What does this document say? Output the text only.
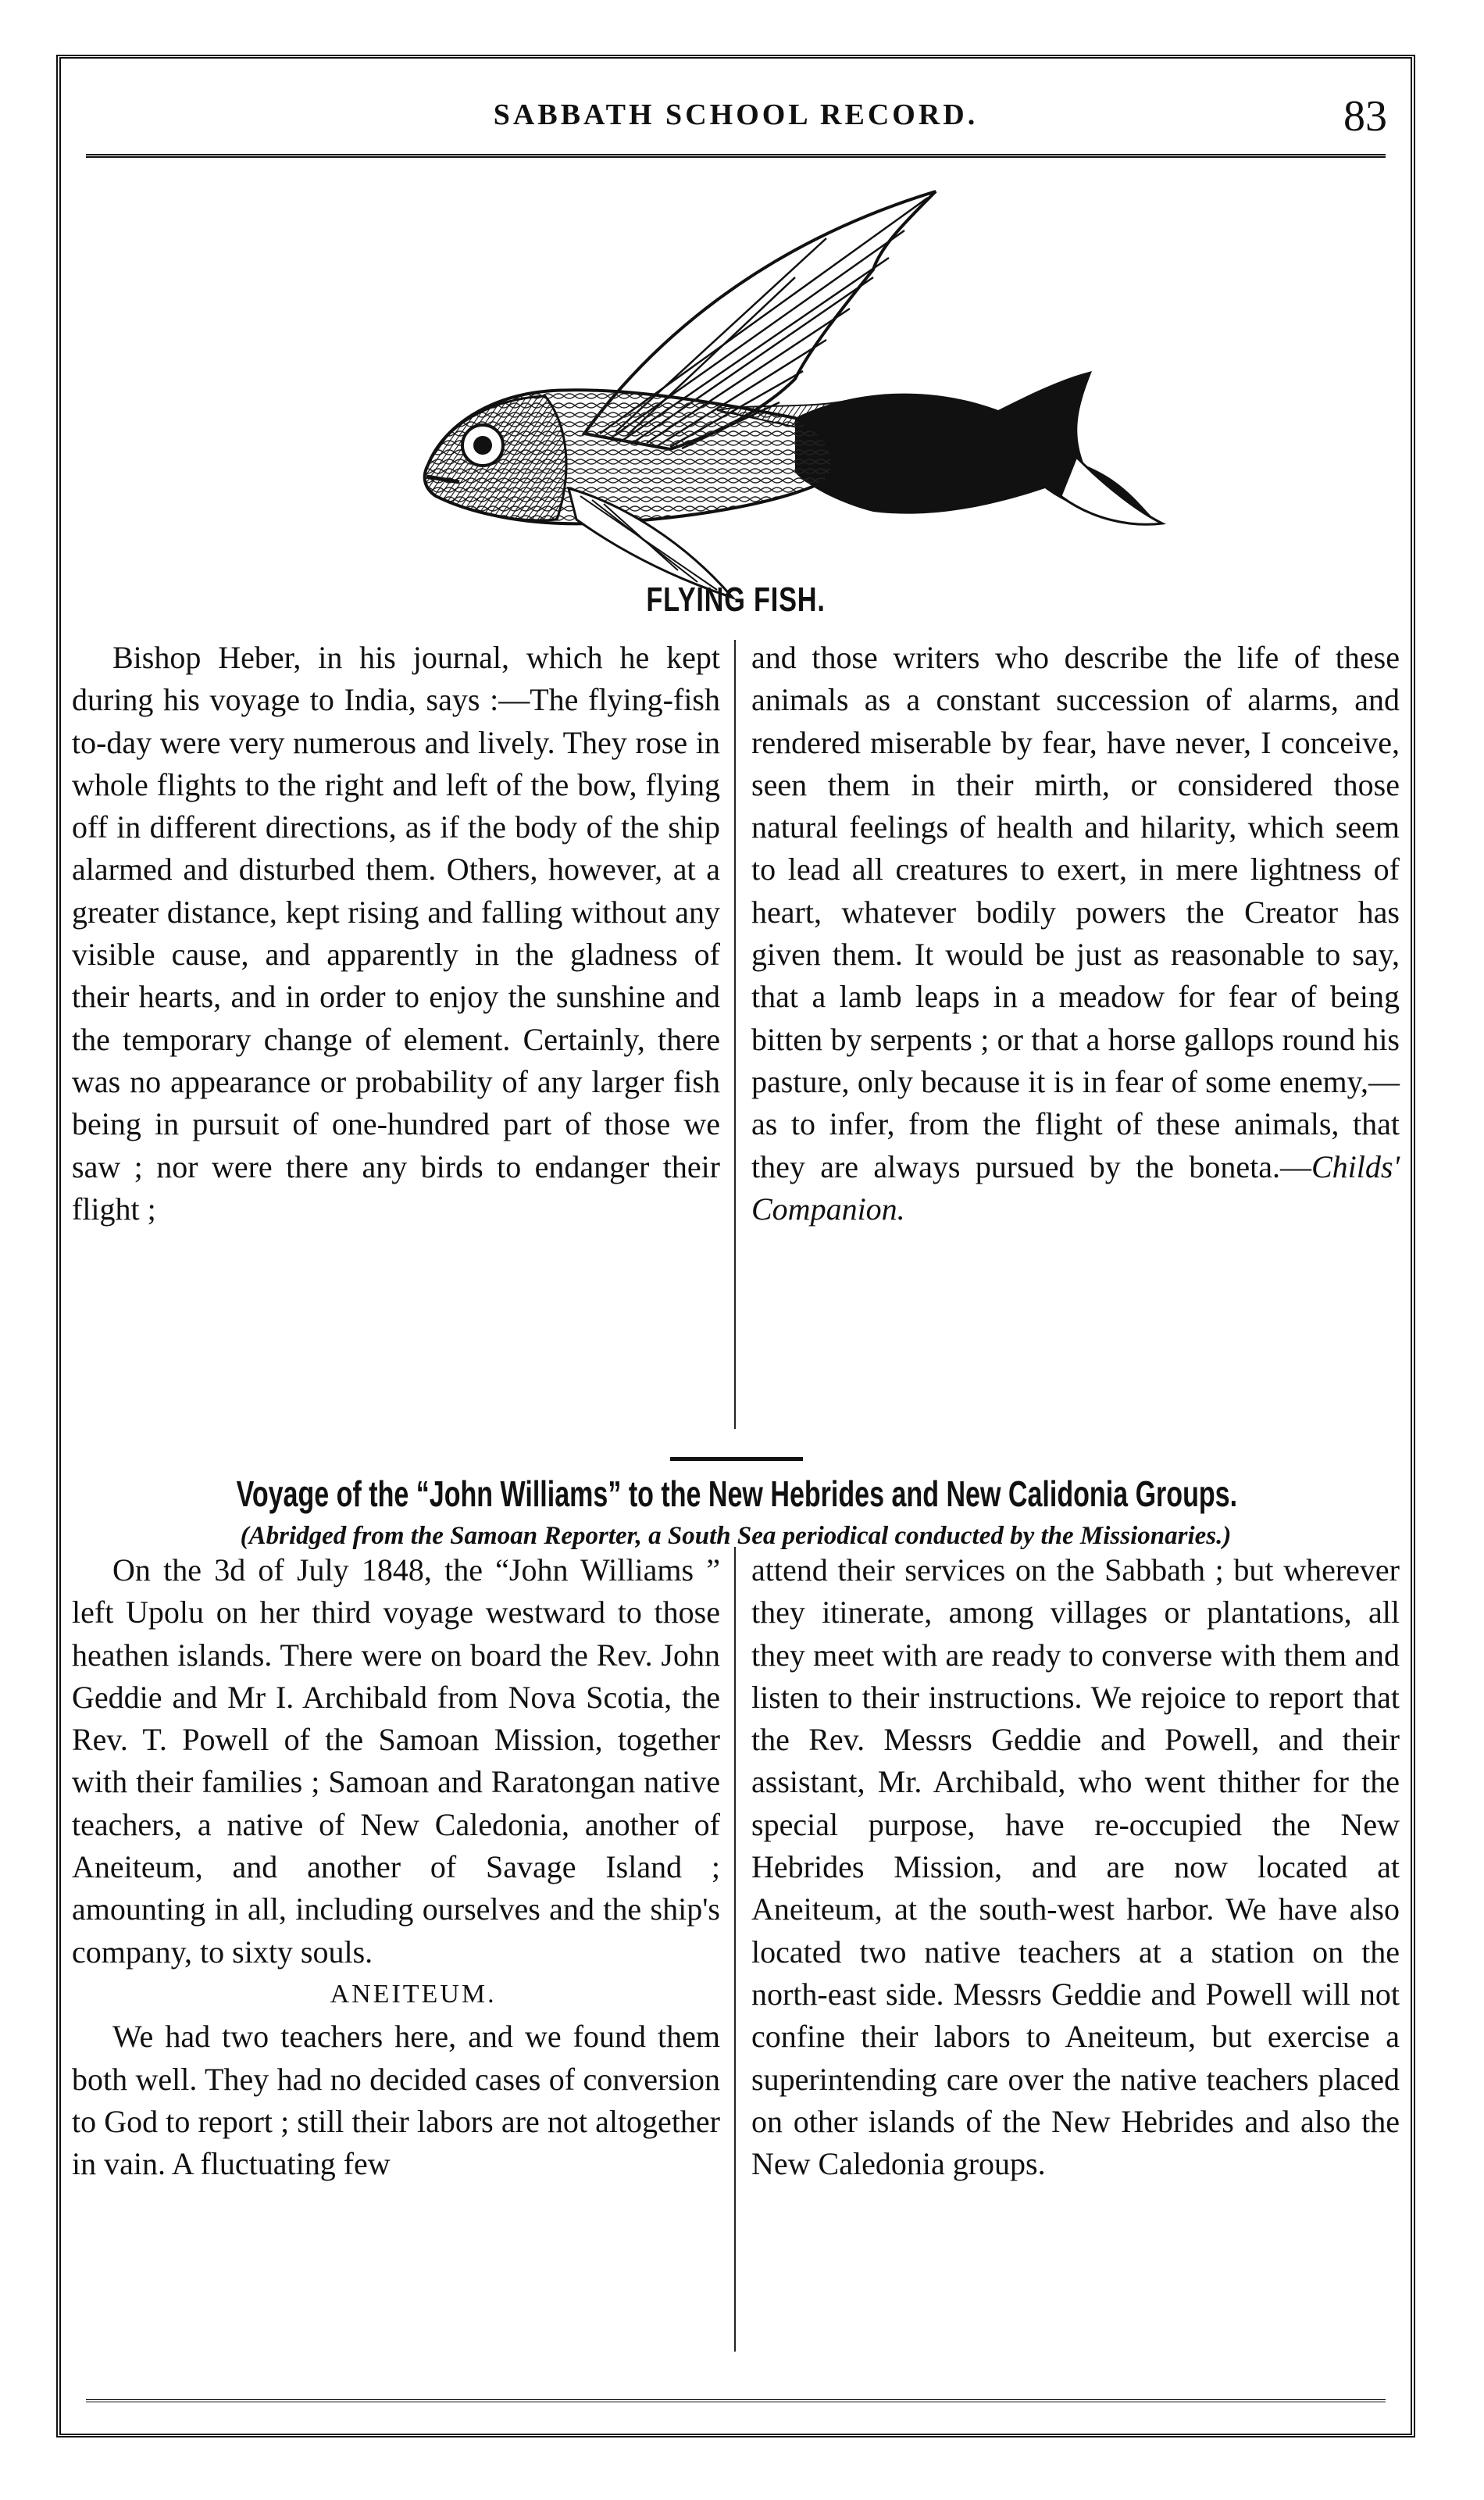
SABBATH SCHOOL RECORD.	83
FLYING FISH.

Bishop Heber, in his journal, which he kept during his voyage to India, says :—The flying-fish to-day were very numerous and lively. They rose in whole flights to the right and left of the bow, flying off in different directions, as if the body of the ship alarmed and disturbed them. Others, however, at a greater distance, kept rising and falling without any visible cause, and apparently in the gladness of their hearts, and in order to enjoy the sunshine and the temporary change of element. Certainly, there was no appearance or probability of any larger fish being in pursuit of one-hundred part of those we saw ; nor were there any birds to endanger their flight ;

and those writers who describe the life of these animals as a constant succession of alarms, and rendered miserable by fear, have never, I conceive, seen them in their mirth, or considered those natural feelings of health and hilarity, which seem to lead all creatures to exert, in mere lightness of heart, whatever bodily powers the Creator has given them. It would be just as reasonable to say, that a lamb leaps in a meadow for fear of being bitten by serpents ; or that a horse gallops round his pasture, only because it is in fear of some enemy,—as to infer, from the flight of these animals, that they are always pursued by the boneta.—Childs' Companion.

Voyage of the “John Williams” to the New Hebrides and New Calidonia Groups.
(Abridged from the Samoan Reporter, a South Sea periodical conducted by the Missionaries.)

On the 3d of July 1848, the “John Williams ” left Upolu on her third voyage westward to those heathen islands. There were on board the Rev. John Geddie and Mr I. Archibald from Nova Scotia, the Rev. T. Powell of the Samoan Mission, together with their families ; Samoan and Raratongan native teachers, a native of New Caledonia, another of Aneiteum, and another of Savage Island ; amounting in all, including ourselves and the ship's company, to sixty souls.

ANEITEUM.

We had two teachers here, and we found them both well. They had no decided cases of conversion to God to report ; still their labors are not altogether in vain. A fluctuating few

attend their services on the Sabbath ; but wherever they itinerate, among villages or plantations, all they meet with are ready to converse with them and listen to their instructions. We rejoice to report that the Rev. Messrs Geddie and Powell, and their assistant, Mr. Archibald, who went thither for the special purpose, have re-occupied the New Hebrides Mission, and are now located at Aneiteum, at the south-west harbor. We have also located two native teachers at a station on the north-east side. Messrs Geddie and Powell will not confine their labors to Aneiteum, but exercise a superintending care over the native teachers placed on other islands of the New Hebrides and also the New Caledonia groups.
